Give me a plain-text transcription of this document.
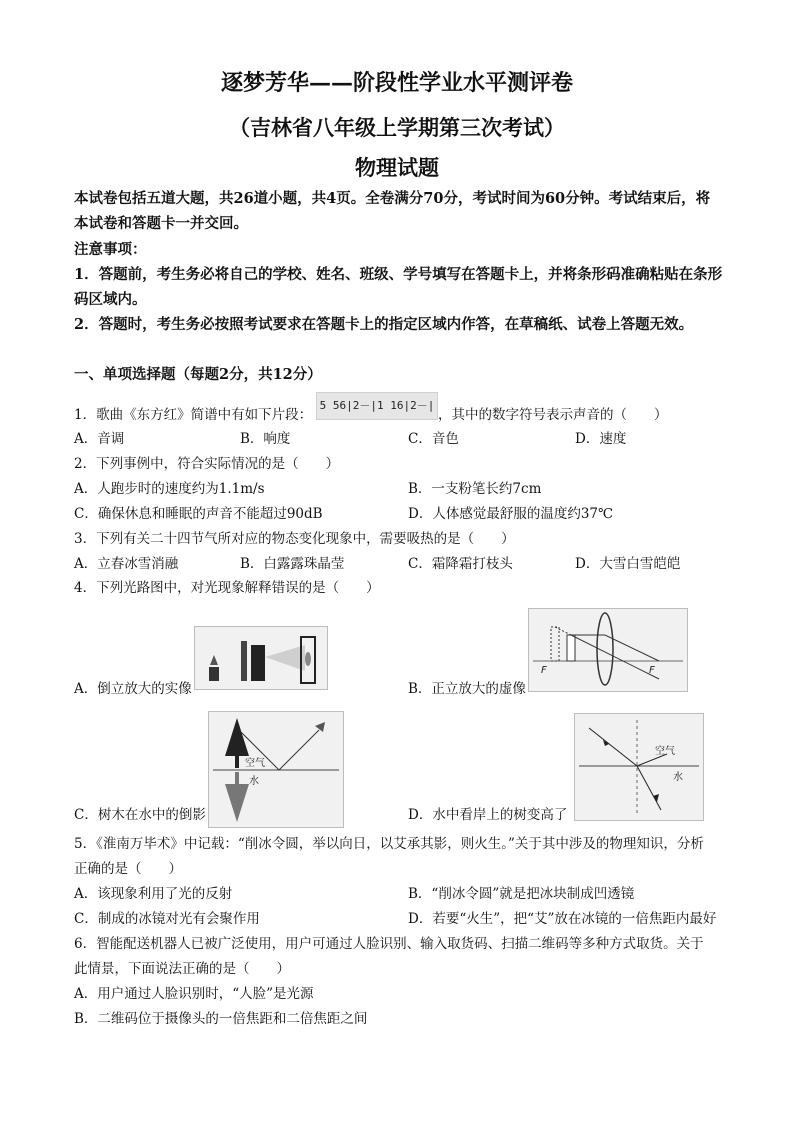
逐梦芳华——阶段性学业水平测评卷
（吉林省八年级上学期第三次考试）
物理试题
本试卷包括五道大题，共26道小题，共4页。全卷满分70分，考试时间为60分钟。考试结束后，将本试卷和答题卡一并交回。
注意事项：
1．答题前，考生务必将自己的学校、姓名、班级、学号填写在答题卡上，并将条形码准确粘贴在条形码区域内。
2．答题时，考生务必按照考试要求在答题卡上的指定区域内作答，在草稿纸、试卷上答题无效。
一、单项选择题（每题2分，共12分）
1．歌曲《东方红》简谱中有如下片段：
5 56|2－|1 16|2－|
，其中的数字符号表示声音的（　　）
A．音调	B．响度	C．音色	D．速度
2．下列事例中，符合实际情况的是（　　）
A．人跑步时的速度约为1.1m/s	B．一支粉笔长约7cm
C．确保休息和睡眠的声音不能超过90dB	D．人体感觉最舒服的温度约37℃
3．下列有关二十四节气所对应的物态变化现象中，需要吸热的是（　　）
A．立春冰雪消融	B．白露露珠晶莹	C．霜降霜打枝头	D．大雪白雪皑皑
4．下列光路图中，对光现象解释错误的是（　　）
A．倒立放大的实像
F	F
B．正立放大的虚像
空气
水
C．树木在水中的倒影
空气
水
D．水中看岸上的树变高了
5．《淮南万毕术》中记载：“削冰令圆，举以向日，以艾承其影，则火生。”关于其中涉及的物理知识，分析
正确的是（　　）
A．该现象利用了光的反射	B．“削冰令圆”就是把冰块制成凹透镜
C．制成的冰镜对光有会聚作用	D．若要“火生”，把“艾”放在冰镜的一倍焦距内最好
6．智能配送机器人已被广泛使用，用户可通过人脸识别、输入取货码、扫描二维码等多种方式取货。关于
此情景，下面说法正确的是（　　）
A．用户通过人脸识别时，“人脸”是光源
B．二维码位于摄像头的一倍焦距和二倍焦距之间
